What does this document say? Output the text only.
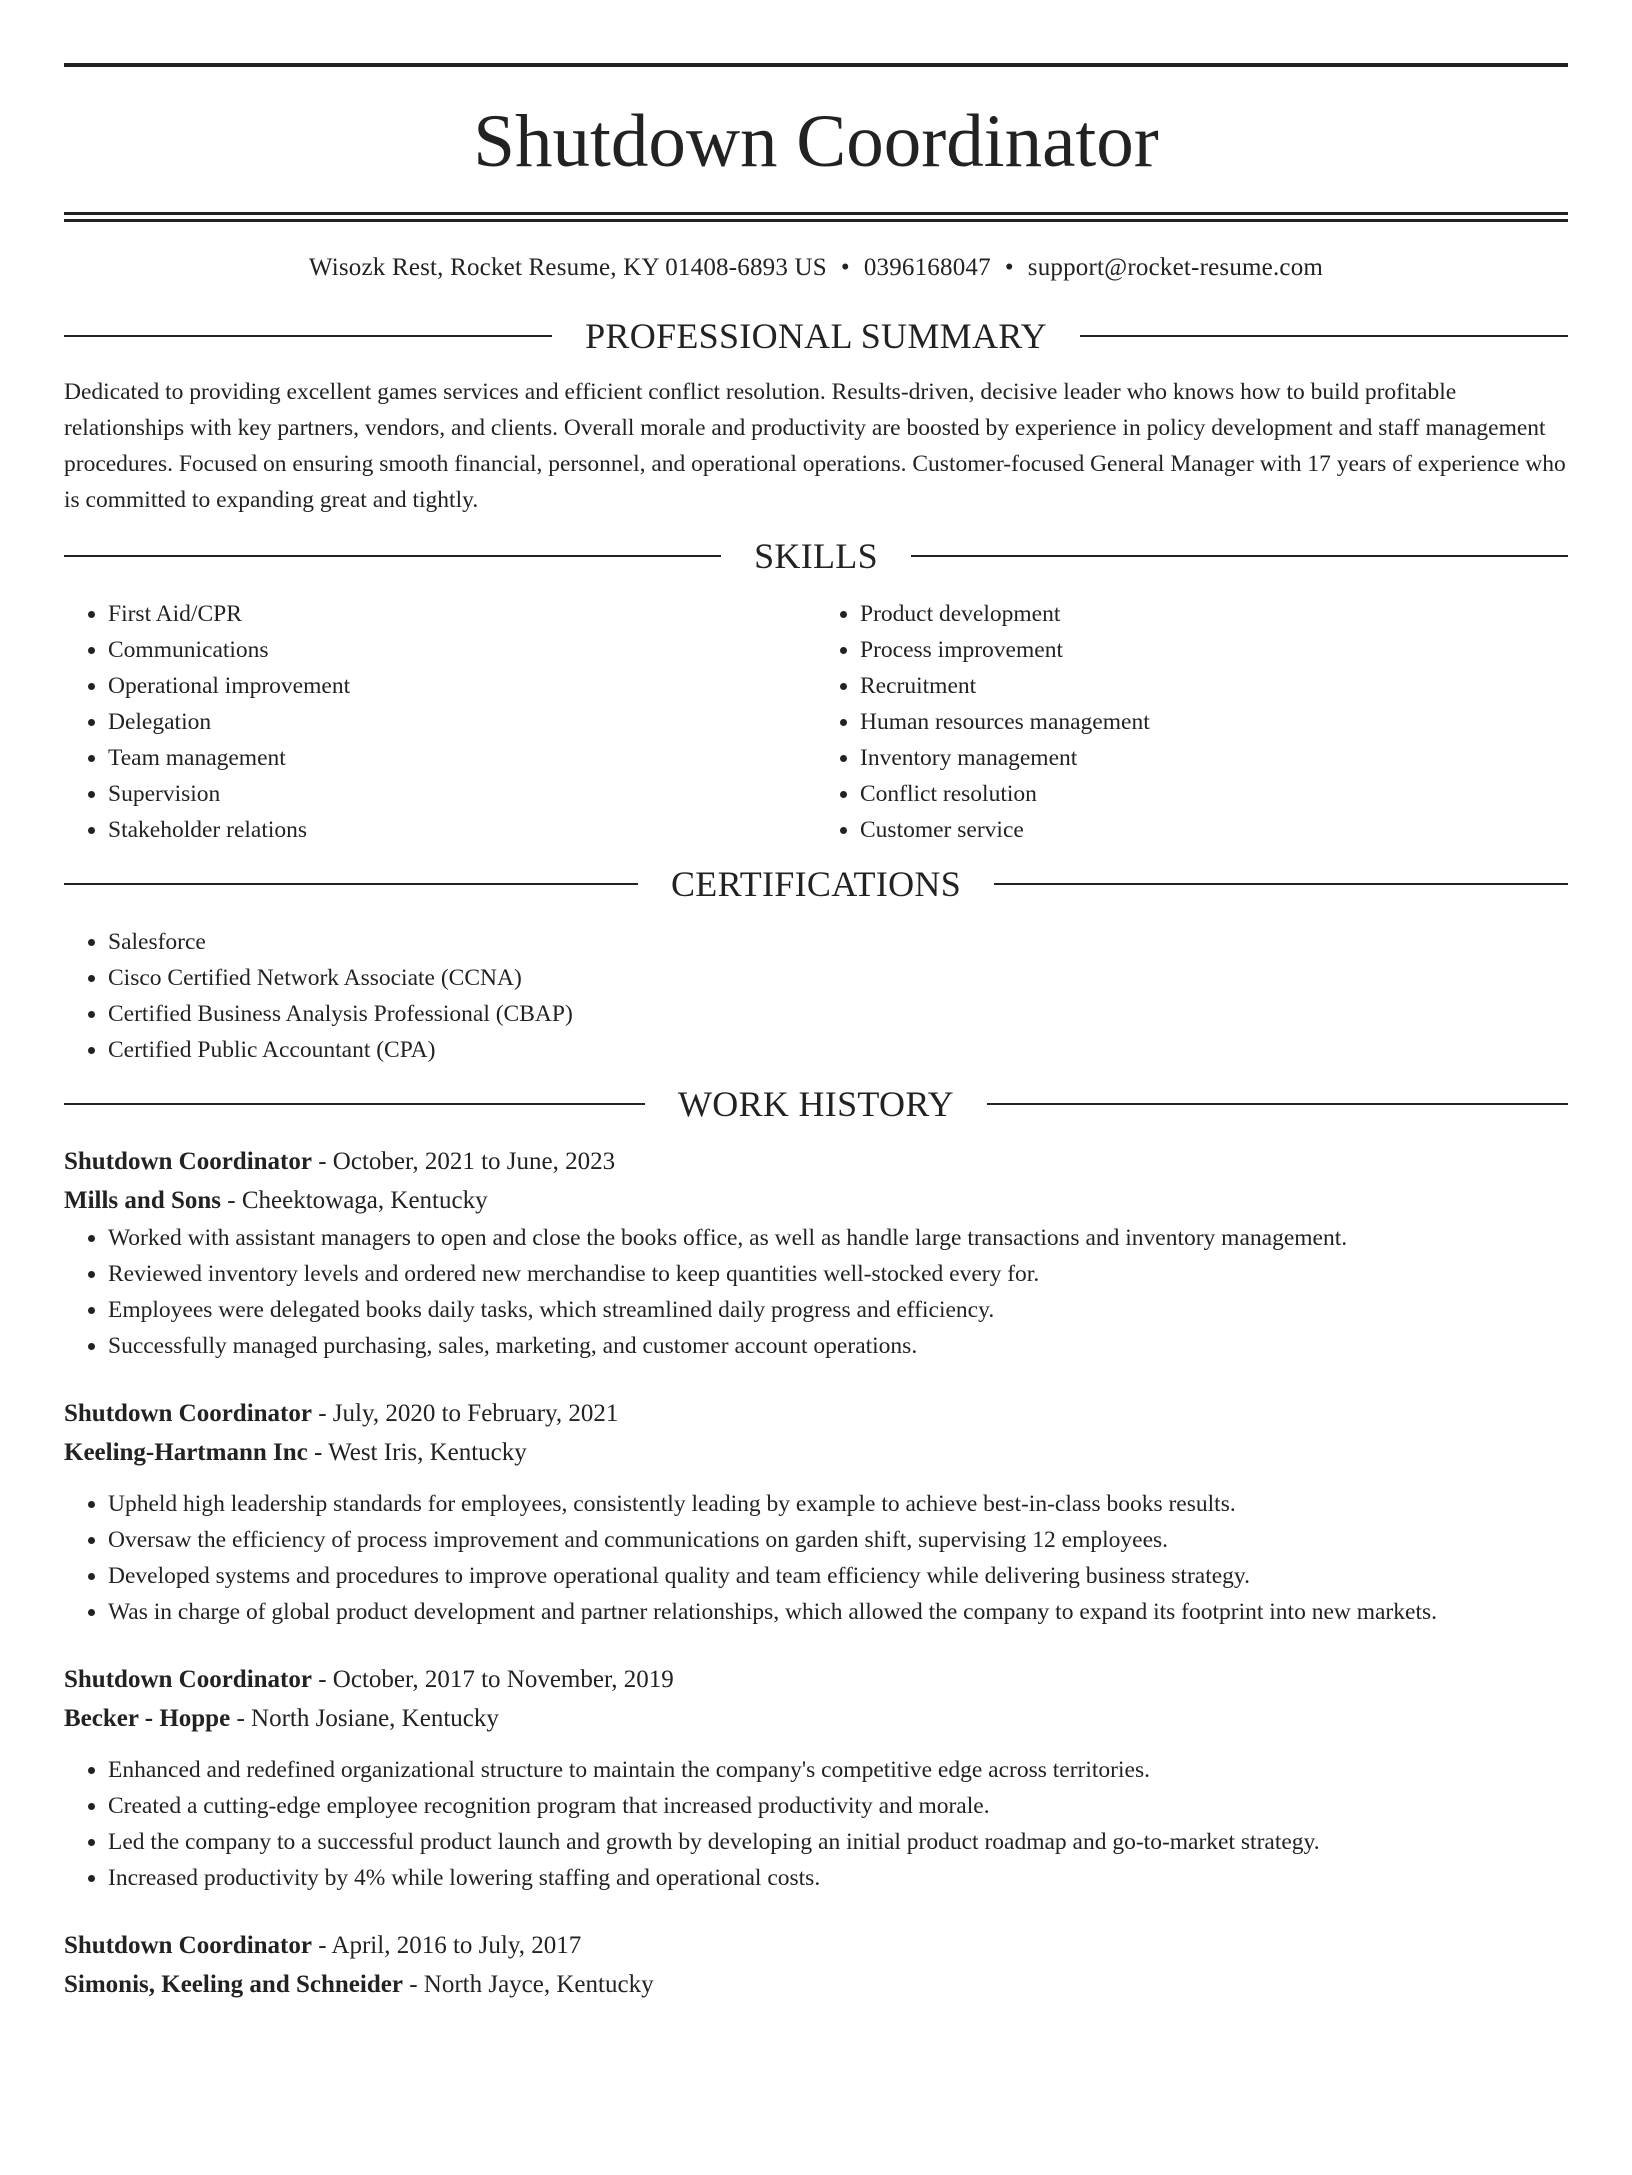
Shutdown Coordinator
Wisozk Rest, Rocket Resume, KY 01408-6893 US • 0396168047 • support@rocket-resume.com
PROFESSIONAL SUMMARY

Dedicated to providing excellent games services and efficient conflict resolution. Results-driven, decisive leader who knows how to build profitable relationships with key partners, vendors, and clients. Overall morale and productivity are boosted by experience in policy development and staff management procedures. Focused on ensuring smooth financial, personnel, and operational operations. Customer-focused General Manager with 17 years of experience who is committed to expanding great and tightly.

SKILLS
• First Aid/CPR
• Communications
• Operational improvement
• Delegation
• Team management
• Supervision
• Stakeholder relations
• Product development
• Process improvement
• Recruitment
• Human resources management
• Inventory management
• Conflict resolution
• Customer service
CERTIFICATIONS
• Salesforce
• Cisco Certified Network Associate (CCNA)
• Certified Business Analysis Professional (CBAP)
• Certified Public Accountant (CPA)
WORK HISTORY
Shutdown Coordinator - October, 2021 to June, 2023
Mills and Sons - Cheektowaga, Kentucky
• Worked with assistant managers to open and close the books office, as well as handle large transactions and inventory management.
• Reviewed inventory levels and ordered new merchandise to keep quantities well-stocked every for.
• Employees were delegated books daily tasks, which streamlined daily progress and efficiency.
• Successfully managed purchasing, sales, marketing, and customer account operations.
Shutdown Coordinator - July, 2020 to February, 2021
Keeling-Hartmann Inc - West Iris, Kentucky
• Upheld high leadership standards for employees, consistently leading by example to achieve best-in-class books results.
• Oversaw the efficiency of process improvement and communications on garden shift, supervising 12 employees.
• Developed systems and procedures to improve operational quality and team efficiency while delivering business strategy.
• Was in charge of global product development and partner relationships, which allowed the company to expand its footprint into new markets.
Shutdown Coordinator - October, 2017 to November, 2019
Becker - Hoppe - North Josiane, Kentucky
• Enhanced and redefined organizational structure to maintain the company's competitive edge across territories.
• Created a cutting-edge employee recognition program that increased productivity and morale.
• Led the company to a successful product launch and growth by developing an initial product roadmap and go-to-market strategy.
• Increased productivity by 4% while lowering staffing and operational costs.
Shutdown Coordinator - April, 2016 to July, 2017
Simonis, Keeling and Schneider - North Jayce, Kentucky
